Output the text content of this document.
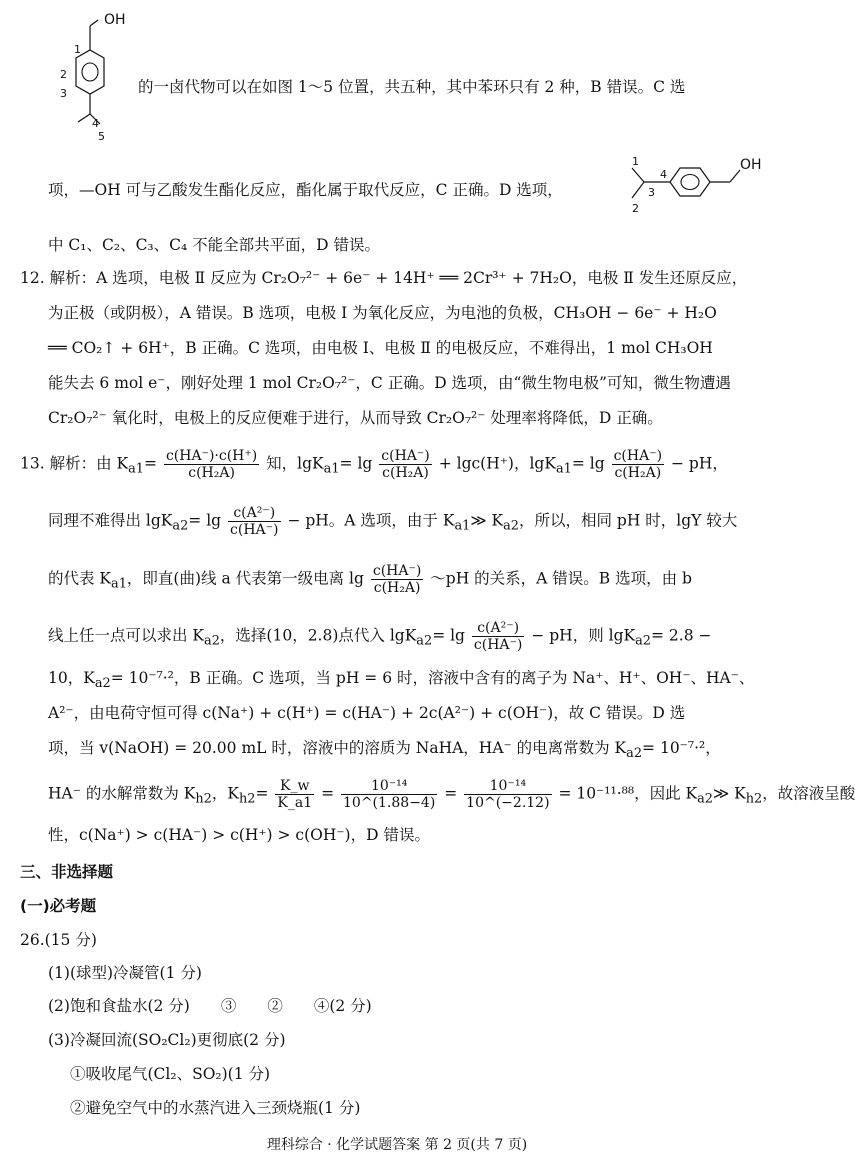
OH
1
2
3
4
5
的一卤代物可以在如图 1～5 位置，共五种，其中苯环只有 2 种，B 错误。C 选
项，—OH 可与乙酸发生酯化反应，酯化属于取代反应，C 正确。D 选项，
OH
1
2
3
4
中 C₁、C₂、C₃、C₄ 不能全部共平面，D 错误。
12. 解析：A 选项，电极 Ⅱ 反应为 Cr₂O₇²⁻ + 6e⁻ + 14H⁺ ══ 2Cr³⁺ + 7H₂O，电极 Ⅱ 发生还原反应，
为正极（或阴极），A 错误。B 选项，电极 Ⅰ 为氧化反应，为电池的负极，CH₃OH − 6e⁻ + H₂O
══ CO₂↑ + 6H⁺，B 正确。C 选项，由电极 Ⅰ、电极 Ⅱ 的电极反应，不难得出，1 mol CH₃OH
能失去 6 mol e⁻，刚好处理 1 mol Cr₂O₇²⁻，C 正确。D 选项，由“微生物电极”可知，微生物遭遇
Cr₂O₇²⁻ 氧化时，电极上的反应便难于进行，从而导致 Cr₂O₇²⁻ 处理率将降低，D 正确。
13. 解析：由 $K_{a1}= \frac{c(HA^-)\cdot c(H^+)}{\text{c(H₂A)}}$ 知，$\lg K_{a1}= \lg \frac{c(HA^-)}{\text{c(H₂A)}} + \lg c(H^+)$，$\lg K_{a1}= \lg \frac{c(HA^-)}{\text{c(H₂A)}}$ − pH，
同理不难得出 $\lg K_{a2}= \lg \frac{\text{c(A²⁻)}}{c(HA^-)}$ − pH。A 选项，由于 $K_{a1}≫$ $K_{a2}$，所以，相同 pH 时，lgY 较大
的代表 $K_{a1}$，即直(曲)线 a 代表第一级电离 $\lg \frac{c(HA^-)}{\text{c(H₂A)}}$ ～pH 的关系，A 错误。B 选项，由 b
线上任一点可以求出 $K_{a2}$，选择(10，2.8)点代入 $\lg K_{a2}= \lg \frac{\text{c(A²⁻)}}{c(HA^-)}$ − pH，则 lgK$_{a2}$= 2.8 −
10，$K_{a2}= 10^{-7}\cdot^2$，B 正确。C 选项，当 pH = 6 时，溶液中含有的离子为 Na⁺、H⁺、OH⁻、HA⁻、
A²⁻，由电荷守恒可得 c(Na⁺) + c(H⁺) = c(HA⁻) + 2c(A²⁻) + c(OH⁻)，故 C 错误。D 选
项，当 v(NaOH) = 20.00 mL 时，溶液中的溶质为 NaHA，HA⁻ 的电离常数为 $K_{a2}= 10^{-7}\cdot^2$，
HA⁻ 的水解常数为 $K_{h2}$，$K_{h2}= \frac{K\_w}{K\_a1} = \frac{\text{10⁻¹⁴}}{10\^{}(1.88-4)} = \frac{\text{10⁻¹⁴}}{10\^{}(-2.12)} = 10^{-11}\cdot^{88}$，因此 $K_{a2}≫$ $K_{h2}$，故溶液呈酸
性，c(Na⁺) > c(HA⁻) > c(H⁺) > c(OH⁻)，D 错误。
三、非选择题
(一)必考题
26.(15 分)
(1)(球型)冷凝管(1 分)
(2)饱和食盐水(2 分)　　③　　②　　④(2 分)
(3)冷凝回流(SO₂Cl₂)更彻底(2 分)
①吸收尾气(Cl₂、SO₂)(1 分)
②避免空气中的水蒸汽进入三颈烧瓶(1 分)
理科综合 · 化学试题答案 第 2 页(共 7 页)
